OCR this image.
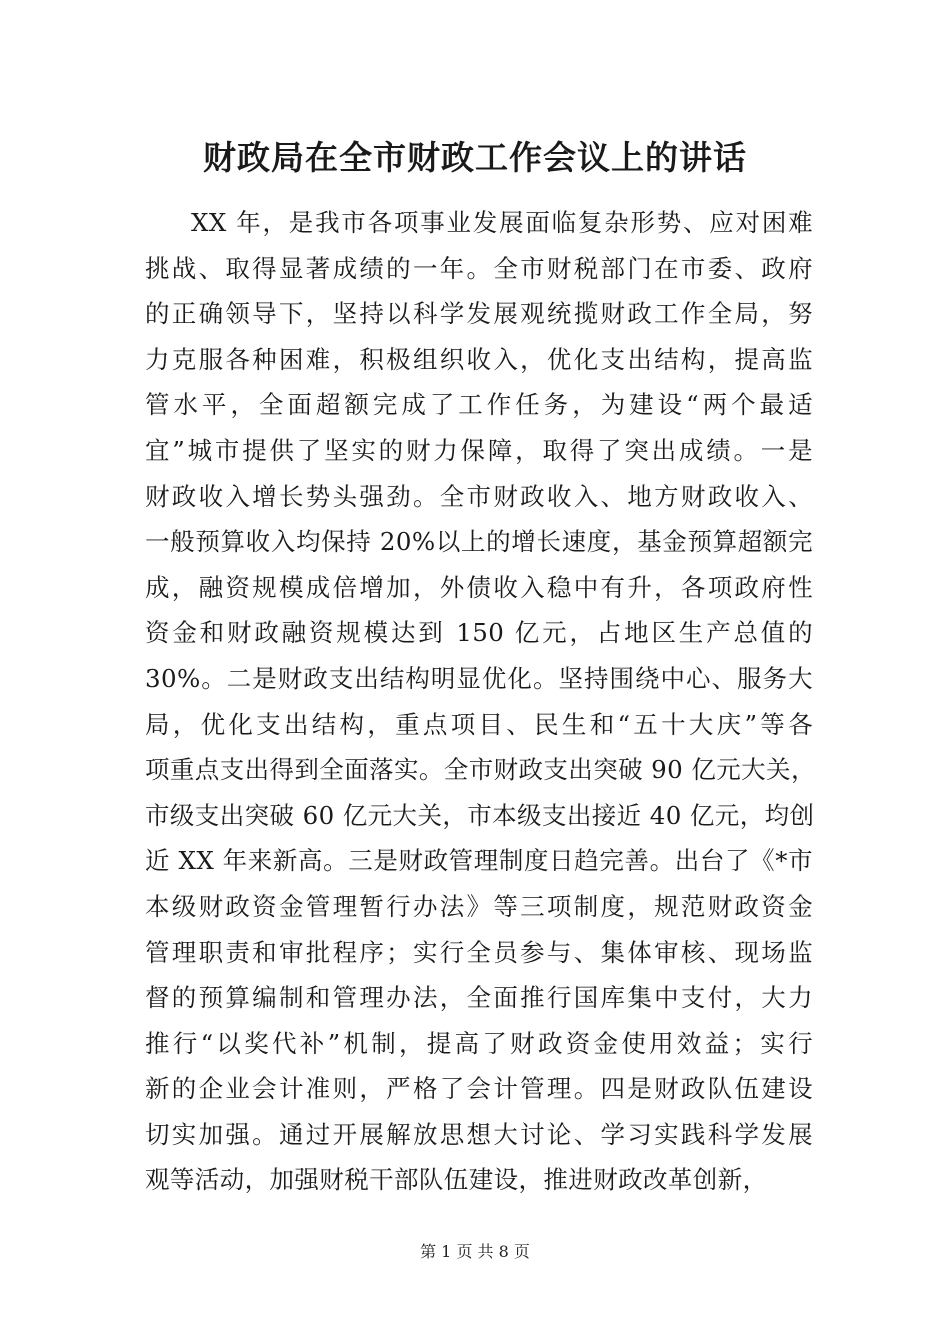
财政局在全市财政工作会议上的讲话
XX 年，是我市各项事业发展面临复杂形势、应对困难
挑战、取得显著成绩的一年。全市财税部门在市委、政府
的正确领导下，坚持以科学发展观统揽财政工作全局，努
力克服各种困难，积极组织收入，优化支出结构，提高监
管水平，全面超额完成了工作任务，为建设“两个最适
宜”城市提供了坚实的财力保障，取得了突出成绩。一是
财政收入增长势头强劲。全市财政收入、地方财政收入、
一般预算收入均保持 20%以上的增长速度，基金预算超额完
成，融资规模成倍增加，外债收入稳中有升，各项政府性
资金和财政融资规模达到 150 亿元，占地区生产总值的
30%。二是财政支出结构明显优化。坚持围绕中心、服务大
局，优化支出结构，重点项目、民生和“五十大庆”等各
项重点支出得到全面落实。全市财政支出突破 90 亿元大关，
市级支出突破 60 亿元大关，市本级支出接近 40 亿元，均创
近 XX 年来新高。三是财政管理制度日趋完善。出台了《*市
本级财政资金管理暂行办法》等三项制度，规范财政资金
管理职责和审批程序；实行全员参与、集体审核、现场监
督的预算编制和管理办法，全面推行国库集中支付，大力
推行“以奖代补”机制，提高了财政资金使用效益；实行
新的企业会计准则，严格了会计管理。四是财政队伍建设
切实加强。通过开展解放思想大讨论、学习实践科学发展
观等活动，加强财税干部队伍建设，推进财政改革创新，
第 1 页 共 8 页
